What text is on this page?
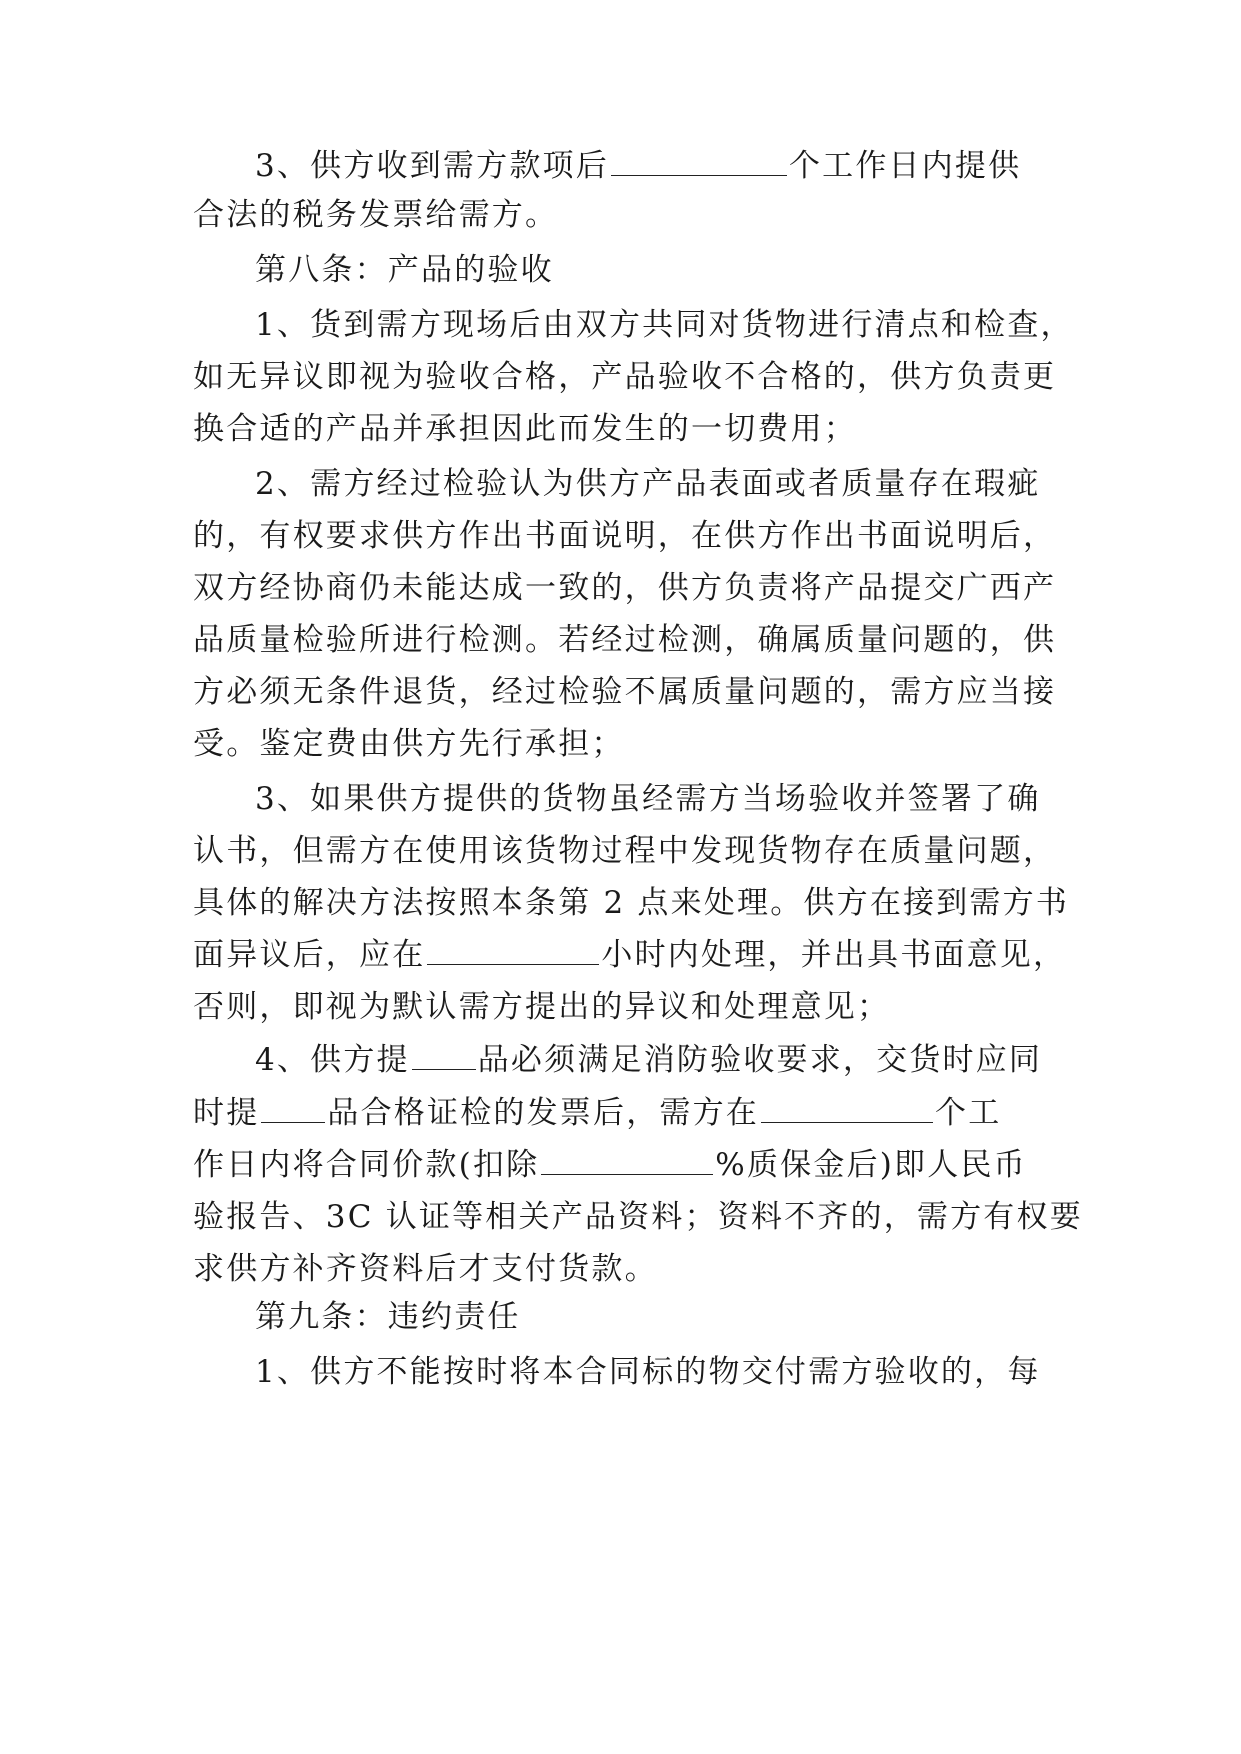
3、供方收到需方款项后	个工作日内提供
合法的税务发票给需方。
第八条：产品的验收
1、货到需方现场后由双方共同对货物进行清点和检查，
如无异议即视为验收合格，产品验收不合格的，供方负责更
换合适的产品并承担因此而发生的一切费用；
2、需方经过检验认为供方产品表面或者质量存在瑕疵
的，有权要求供方作出书面说明，在供方作出书面说明后，
双方经协商仍未能达成一致的，供方负责将产品提交广西产
品质量检验所进行检测。若经过检测，确属质量问题的，供
方必须无条件退货，经过检验不属质量问题的，需方应当接
受。鉴定费由供方先行承担；
3、如果供方提供的货物虽经需方当场验收并签署了确
认书，但需方在使用该货物过程中发现货物存在质量问题，
具体的解决方法按照本条第 2 点来处理。供方在接到需方书
面异议后，应在	小时内处理，并出具书面意见，
否则，即视为默认需方提出的异议和处理意见；
4、供方提 品必须满足消防验收要求，交货时应同
时提 品合格证检的发票后，需方在	个工
作日内将合同价款(扣除	%质保金后)即人民币
验报告、3C 认证等相关产品资料；资料不齐的，需方有权要
求供方补齐资料后才支付货款。
第九条：违约责任
1、供方不能按时将本合同标的物交付需方验收的，每
